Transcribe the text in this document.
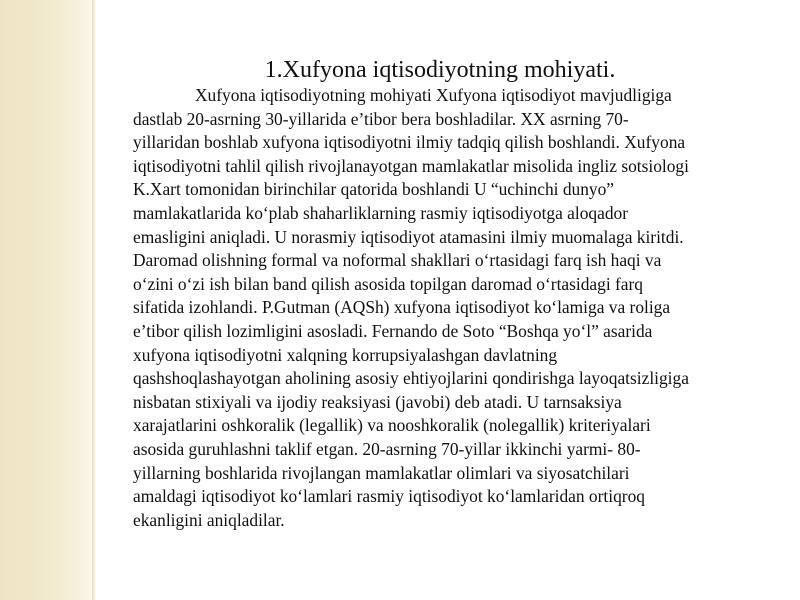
1.Xufyona iqtisodiyotning mohiyati.

Xufyona iqtisodiyotning mohiyati Xufyona iqtisodiyot mavjudligiga
dastlab 20-asrning 30-yillarida e’tibor bera boshladilar. XX asrning 70-
yillaridan boshlab xufyona iqtisodiyotni ilmiy tadqiq qilish boshlandi. Xufyona
iqtisodiyotni tahlil qilish rivojlanayotgan mamlakatlar misolida ingliz sotsiologi
K.Xart tomonidan birinchilar qatorida boshlandi U “uchinchi dunyo”
mamlakatlarida ko‘plab shaharliklarning rasmiy iqtisodiyotga aloqador
emasligini aniqladi. U norasmiy iqtisodiyot atamasini ilmiy muomalaga kiritdi.
Daromad olishning formal va noformal shakllari o‘rtasidagi farq ish haqi va
o‘zini o‘zi ish bilan band qilish asosida topilgan daromad o‘rtasidagi farq
sifatida izohlandi. P.Gutman (AQSh) xufyona iqtisodiyot ko‘lamiga va roliga
e’tibor qilish lozimligini asosladi. Fernando de Soto “Boshqa yo‘l” asarida
xufyona iqtisodiyotni xalqning korrupsiyalashgan davlatning
qashshoqlashayotgan aholining asosiy ehtiyojlarini qondirishga layoqatsizligiga
nisbatan stixiyali va ijodiy reaksiyasi (javobi) deb atadi. U tarnsaksiya
xarajatlarini oshkoralik (legallik) va nooshkoralik (nolegallik) kriteriyalari
asosida guruhlashni taklif etgan. 20-asrning 70-yillar ikkinchi yarmi- 80-
yillarning boshlarida rivojlangan mamlakatlar olimlari va siyosatchilari
amaldagi iqtisodiyot ko‘lamlari rasmiy iqtisodiyot ko‘lamlaridan ortiqroq
ekanligini aniqladilar.
